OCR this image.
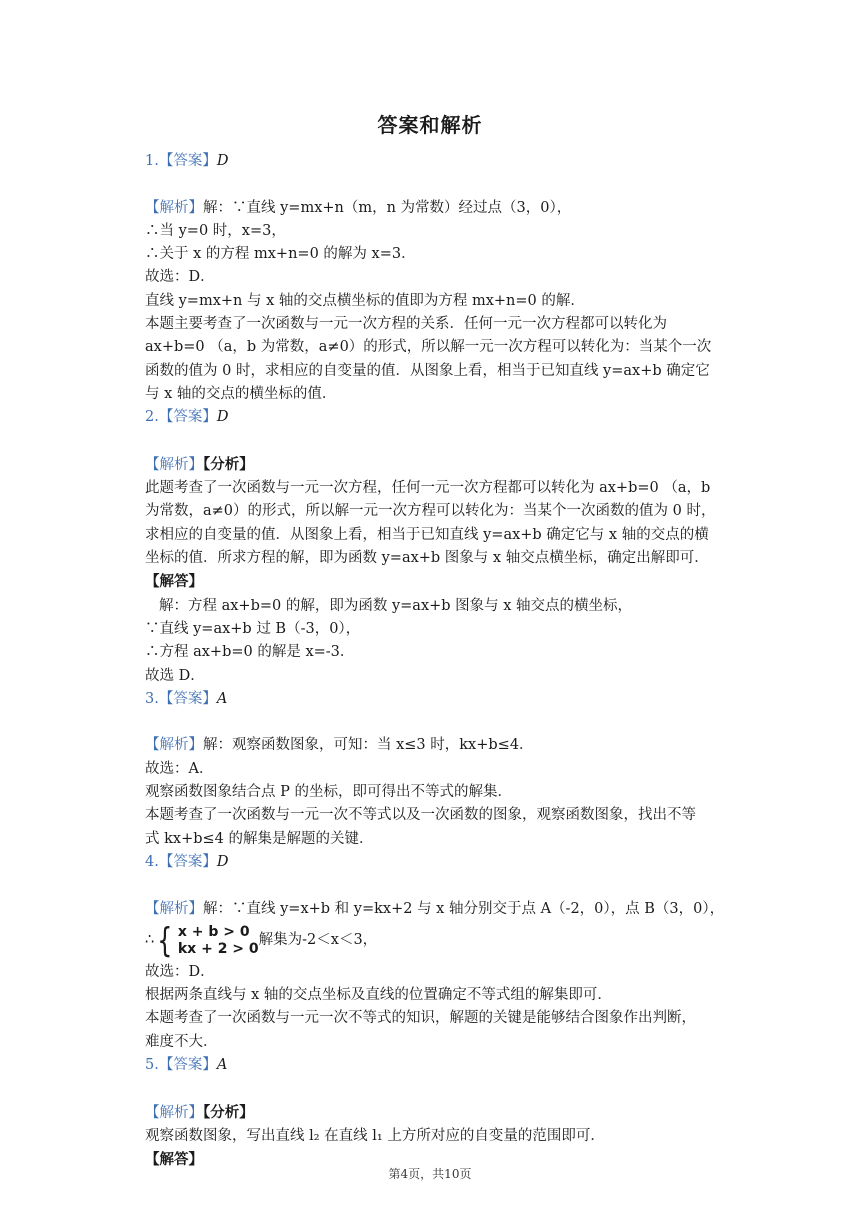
答案和解析
1.【答案】D
【解析】解：∵直线 y=mx+n（m，n 为常数）经过点（3，0），
∴当 y=0 时，x=3，
∴关于 x 的方程 mx+n=0 的解为 x=3．
故选：D．
直线 y=mx+n 与 x 轴的交点横坐标的值即为方程 mx+n=0 的解．
本题主要考查了一次函数与一元一次方程的关系．任何一元一次方程都可以转化为
ax+b=0 （a，b 为常数，a≠0）的形式，所以解一元一次方程可以转化为：当某个一次
函数的值为 0 时，求相应的自变量的值．从图象上看，相当于已知直线 y=ax+b 确定它
与 x 轴的交点的横坐标的值．
2.【答案】D
【解析】【分析】
此题考查了一次函数与一元一次方程，任何一元一次方程都可以转化为 ax+b=0 （a，b
为常数，a≠0）的形式，所以解一元一次方程可以转化为：当某个一次函数的值为 0 时，
求相应的自变量的值．从图象上看，相当于已知直线 y=ax+b 确定它与 x 轴的交点的横
坐标的值．所求方程的解，即为函数 y=ax+b 图象与 x 轴交点横坐标，确定出解即可．
【解答】
解：方程 ax+b=0 的解，即为函数 y=ax+b 图象与 x 轴交点的横坐标，
∵直线 y=ax+b 过 B（-3，0），
∴方程 ax+b=0 的解是 x=-3．
故选 D．
3.【答案】A
【解析】解：观察函数图象，可知：当 x≤3 时，kx+b≤4．
故选：A．
观察函数图象结合点 P 的坐标，即可得出不等式的解集．
本题考查了一次函数与一元一次不等式以及一次函数的图象，观察函数图象，找出不等
式 kx+b≤4 的解集是解题的关键．
4.【答案】D
【解析】解：∵直线 y=x+b 和 y=kx+2 与 x 轴分别交于点 A（-2，0），点 B（3，0），
∴ { x + b > 0
kx + 2 > 0
解集为-2＜x＜3，
故选：D．
根据两条直线与 x 轴的交点坐标及直线的位置确定不等式组的解集即可．
本题考查了一次函数与一元一次不等式的知识，解题的关键是能够结合图象作出判断，
难度不大．
5.【答案】A
【解析】【分析】
观察函数图象，写出直线 l₂ 在直线 l₁ 上方所对应的自变量的范围即可．
【解答】
第4页，共10页
